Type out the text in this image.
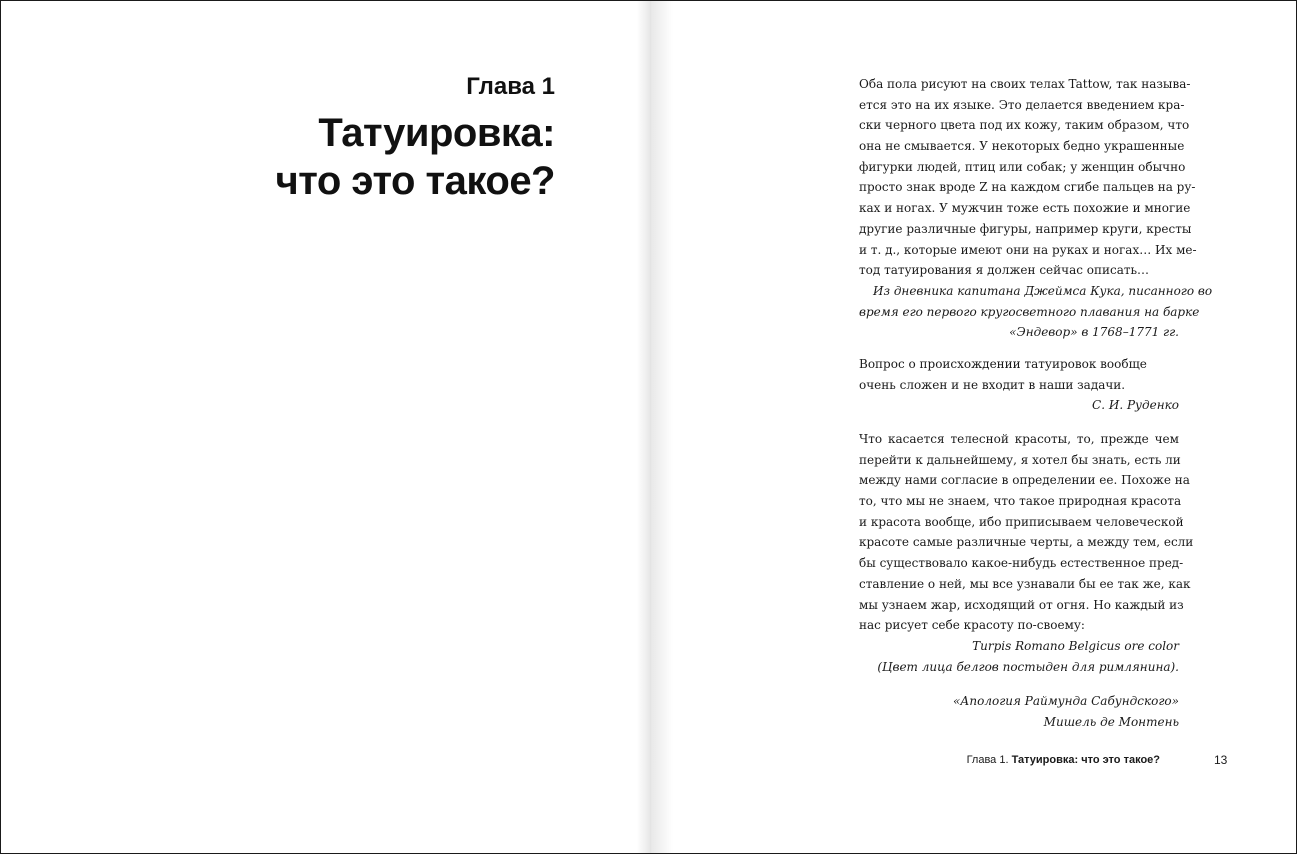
Глава 1
Татуировка:
что это такое?
Оба пола рисуют на своих телах Tattow, так называ-
ется это на их языке. Это делается введением кра-
ски черного цвета под их кожу, таким образом, что
она не смывается. У некоторых бедно украшенные
фигурки людей, птиц или собак; у женщин обычно
просто знак вроде Z на каждом сгибе пальцев на ру-
ках и ногах. У мужчин тоже есть похожие и многие
другие различные фигуры, например круги, кресты
и т. д., которые имеют они на руках и ногах… Их ме-
тод татуирования я должен сейчас описать…
Из дневника капитана Джеймса Кука, писанного во
время его первого кругосветного плавания на барке
«Эндевор» в 1768–1771 гг.
Вопрос о происхождении татуировок вообще
очень сложен и не входит в наши задачи.
С. И. Руденко
Что касается телесной красоты, то, прежде чем
перейти к дальнейшему, я хотел бы знать, есть ли
между нами согласие в определении ее. Похоже на
то, что мы не знаем, что такое природная красота
и красота вообще, ибо приписываем человеческой
красоте самые различные черты, а между тем, если
бы существовало какое-нибудь естественное пред-
ставление о ней, мы все узнавали бы ее так же, как
мы узнаем жар, исходящий от огня. Но каждый из
нас рисует себе красоту по-своему:
Turpis Romano Belgicus ore color
(Цвет лица белгов постыден для римлянина).
«Апология Раймунда Сабундского»
Мишель де Монтень
Глава 1. Татуировка: что это такое?	13
